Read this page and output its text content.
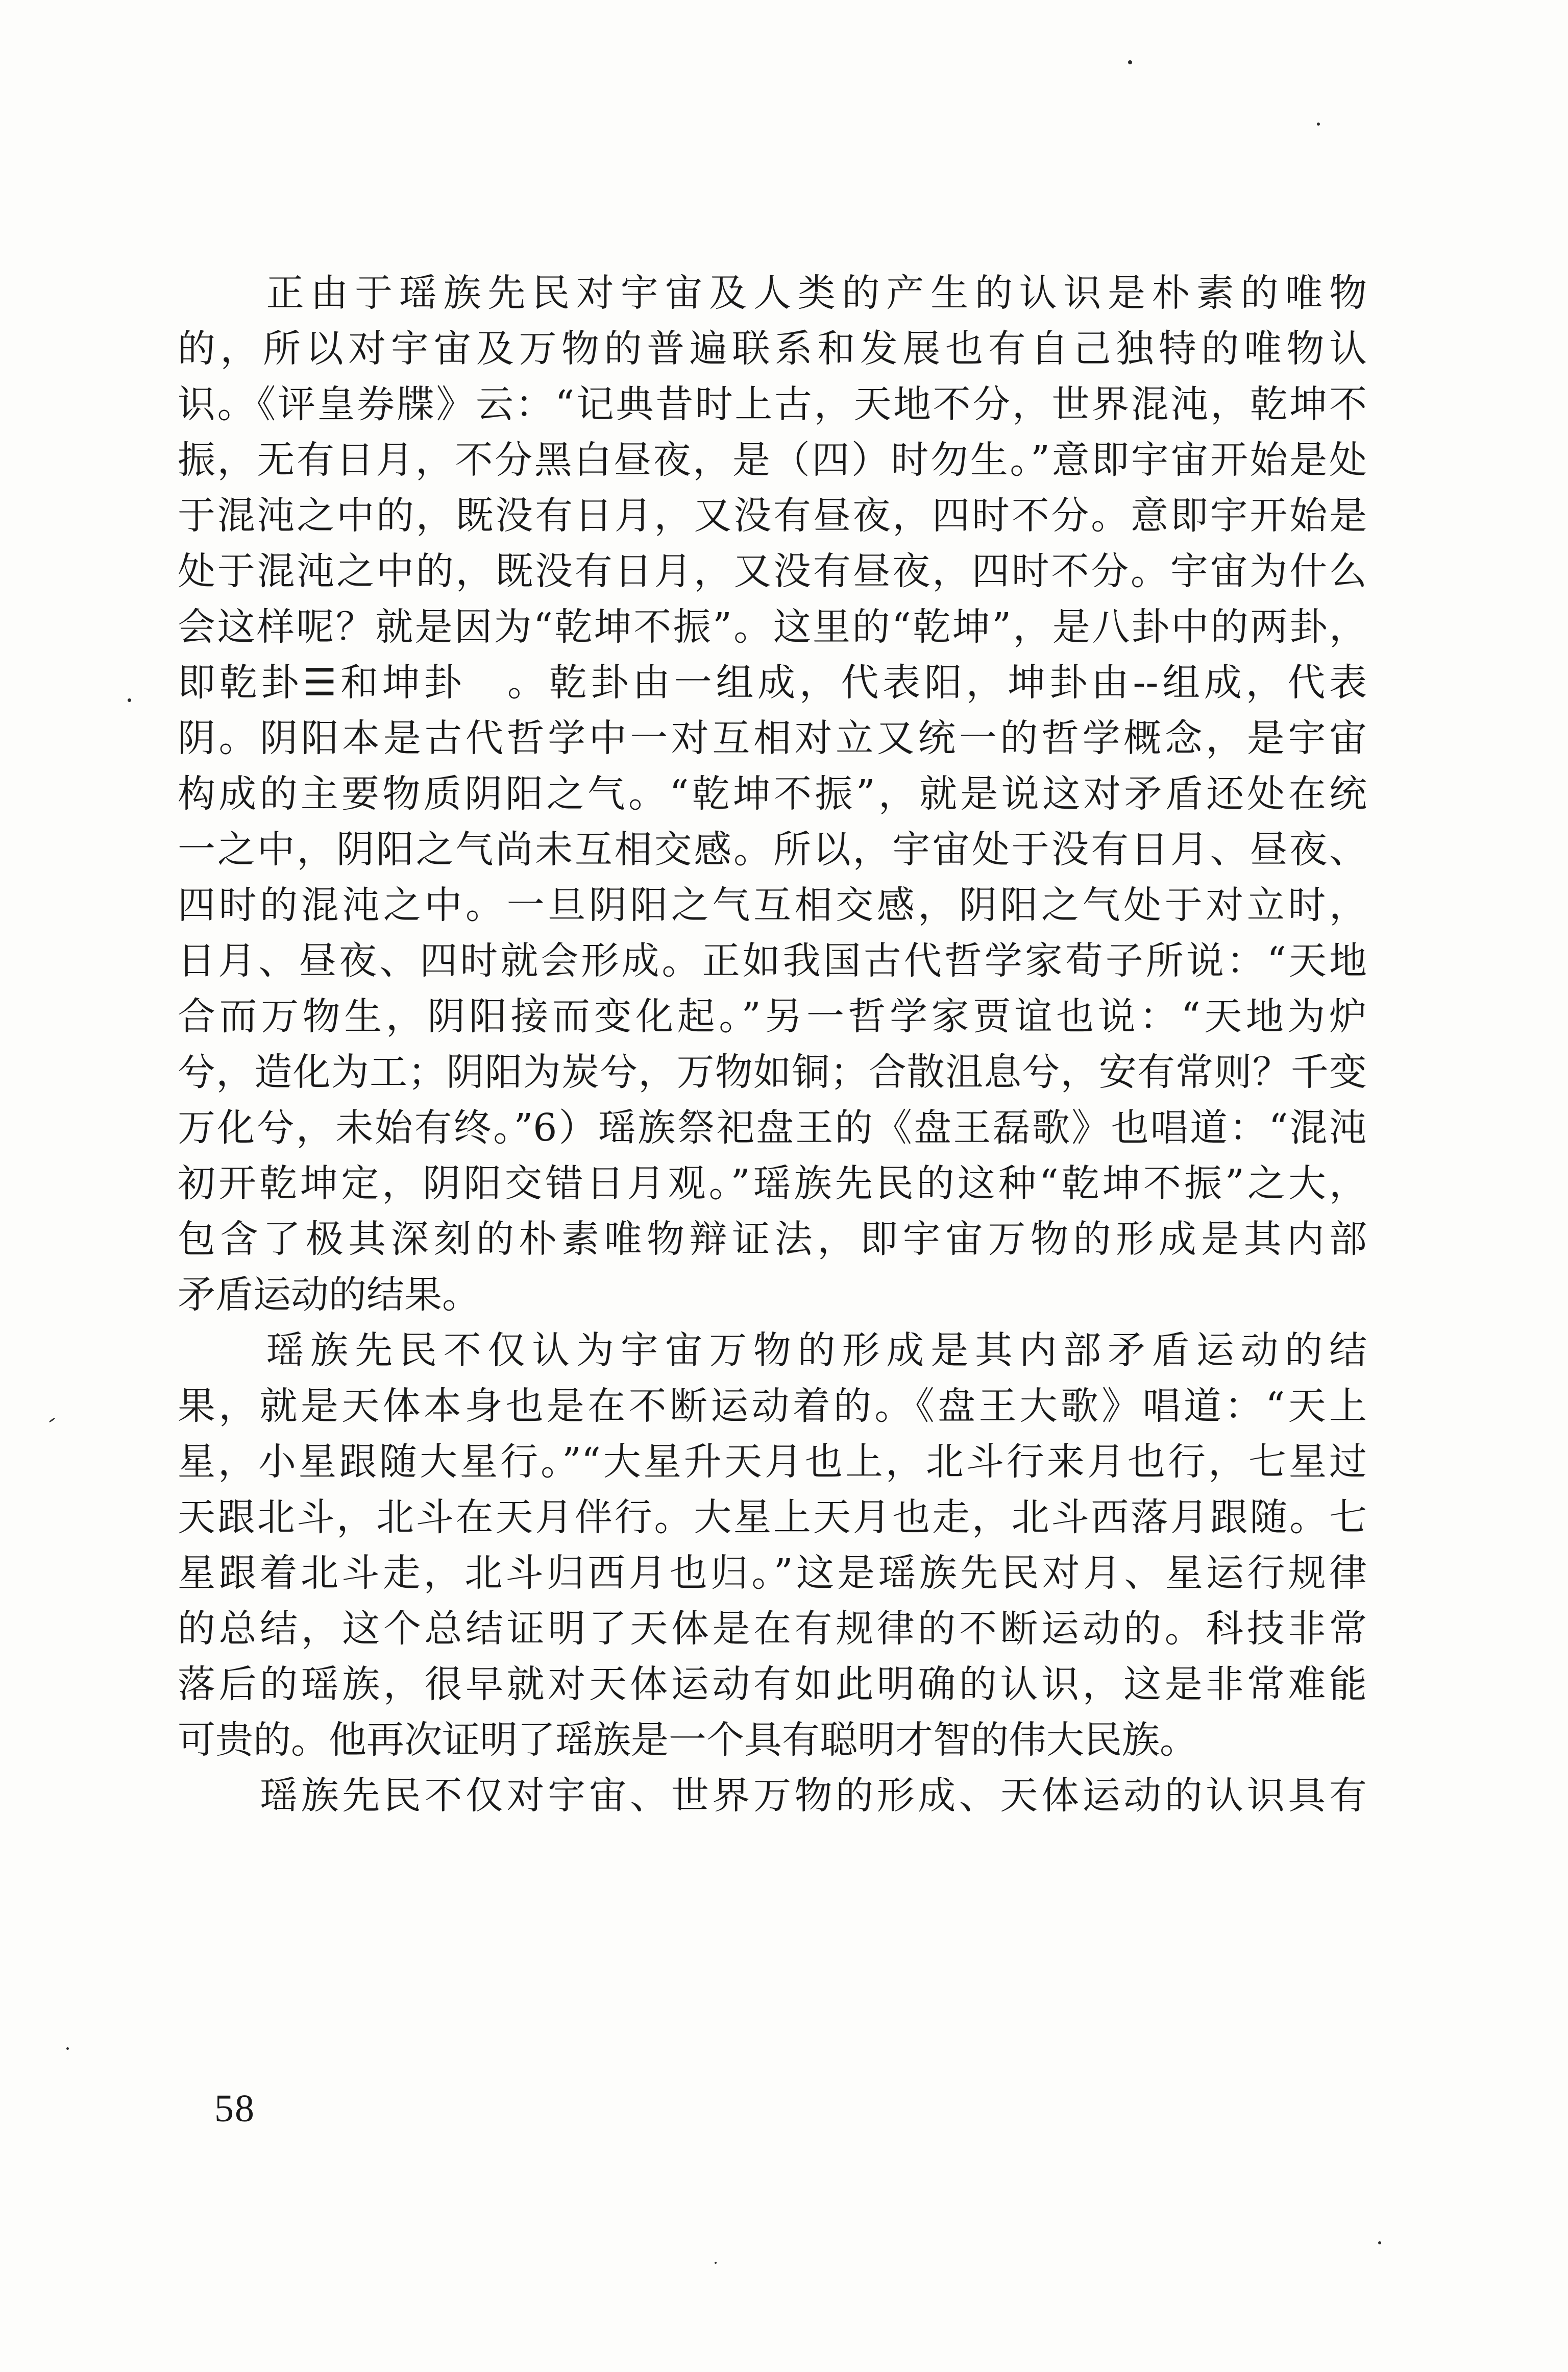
　　正由于瑶族先民对宇宙及人类的产生的认识是朴素的唯物
的，所以对宇宙及万物的普遍联系和发展也有自己独特的唯物认
识。《评皇券牒》云：“记典昔时上古，天地不分，世界混沌，乾坤不
振，无有日月，不分黑白昼夜，是（四）时勿生。”意即宇宙开始是处
于混沌之中的，既没有日月，又没有昼夜，四时不分。意即宇开始是
处于混沌之中的，既没有日月，又没有昼夜，四时不分。宇宙为什么
会这样呢？就是因为“乾坤不振”。这里的“乾坤”，是八卦中的两卦，
即乾卦☰和坤卦　。乾卦由一组成，代表阳，坤卦由--组成，代表
阴。阴阳本是古代哲学中一对互相对立又统一的哲学概念，是宇宙
构成的主要物质阴阳之气。“乾坤不振”，就是说这对矛盾还处在统
一之中，阴阳之气尚未互相交感。所以，宇宙处于没有日月、昼夜、
四时的混沌之中。一旦阴阳之气互相交感，阴阳之气处于对立时，
日月、昼夜、四时就会形成。正如我国古代哲学家荀子所说：“天地
合而万物生，阴阳接而变化起。”另一哲学家贾谊也说：“天地为炉
兮，造化为工；阴阳为炭兮，万物如铜；合散沮息兮，安有常则？千变
万化兮，未始有终。”6）瑶族祭祀盘王的《盘王磊歌》也唱道：“混沌
初开乾坤定，阴阳交错日月观。”瑶族先民的这种“乾坤不振”之大，
包含了极其深刻的朴素唯物辩证法，即宇宙万物的形成是其内部
矛盾运动的结果。
　　瑶族先民不仅认为宇宙万物的形成是其内部矛盾运动的结
果，就是天体本身也是在不断运动着的。《盘王大歌》唱道：“天上
星，小星跟随大星行。”“大星升天月也上，北斗行来月也行，七星过
天跟北斗，北斗在天月伴行。大星上天月也走，北斗西落月跟随。七
星跟着北斗走，北斗归西月也归。”这是瑶族先民对月、星运行规律
的总结，这个总结证明了天体是在有规律的不断运动的。科技非常
落后的瑶族，很早就对天体运动有如此明确的认识，这是非常难能
可贵的。他再次证明了瑶族是一个具有聪明才智的伟大民族。
　　瑶族先民不仅对宇宙、世界万物的形成、天体运动的认识具有
58
